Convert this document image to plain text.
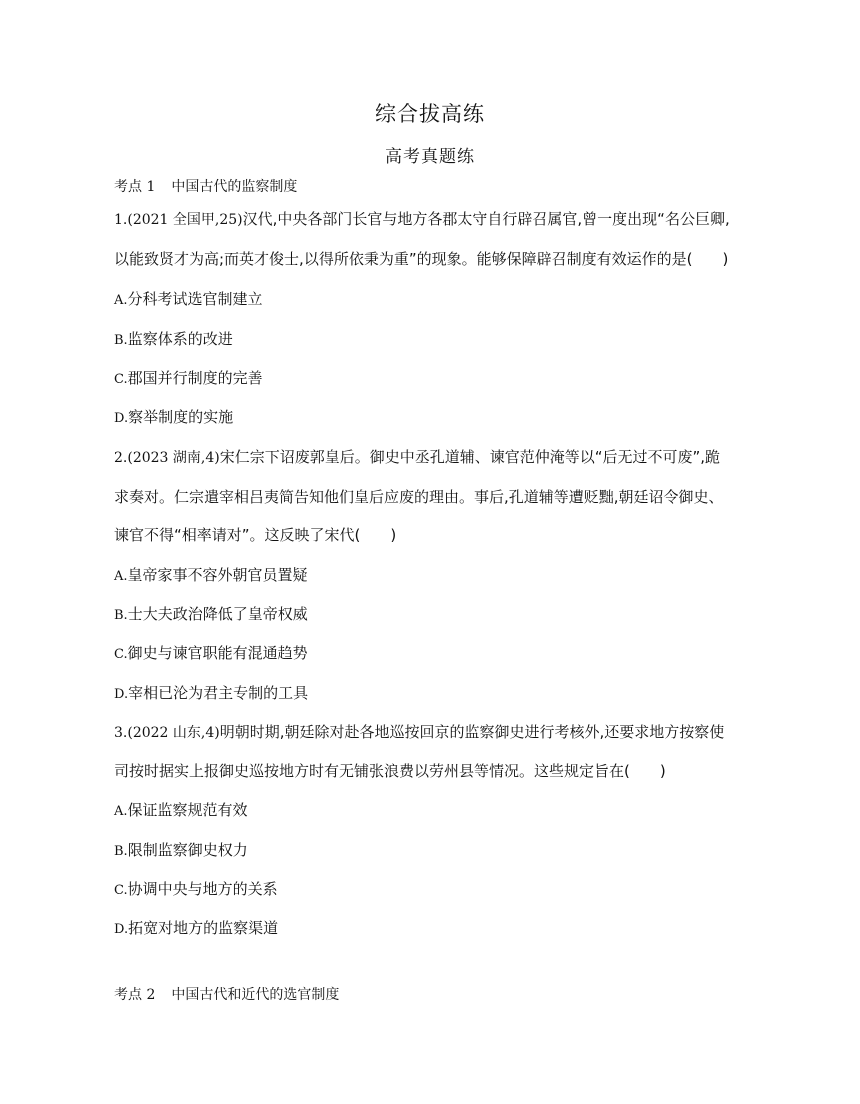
综合拔高练
高考真题练
考点 1 中国古代的监察制度
1.(2021 全国甲,25)汉代,中央各部门长官与地方各郡太守自行辟召属官,曾一度出现“名公巨卿,
以能致贤才为高;而英才俊士,以得所依秉为重”的现象。能够保障辟召制度有效运作的是(　　)
A.分科考试选官制建立
B.监察体系的改进
C.郡国并行制度的完善
D.察举制度的实施
2.(2023 湖南,4)宋仁宗下诏废郭皇后。御史中丞孔道辅、谏官范仲淹等以“后无过不可废”,跪
求奏对。仁宗遣宰相吕夷简告知他们皇后应废的理由。事后,孔道辅等遭贬黜,朝廷诏令御史、
谏官不得“相率请对”。这反映了宋代(　　)
A.皇帝家事不容外朝官员置疑
B.士大夫政治降低了皇帝权威
C.御史与谏官职能有混通趋势
D.宰相已沦为君主专制的工具
3.(2022 山东,4)明朝时期,朝廷除对赴各地巡按回京的监察御史进行考核外,还要求地方按察使
司按时据实上报御史巡按地方时有无铺张浪费以劳州县等情况。这些规定旨在(　　)
A.保证监察规范有效
B.限制监察御史权力
C.协调中央与地方的关系
D.拓宽对地方的监察渠道
考点 2 中国古代和近代的选官制度
